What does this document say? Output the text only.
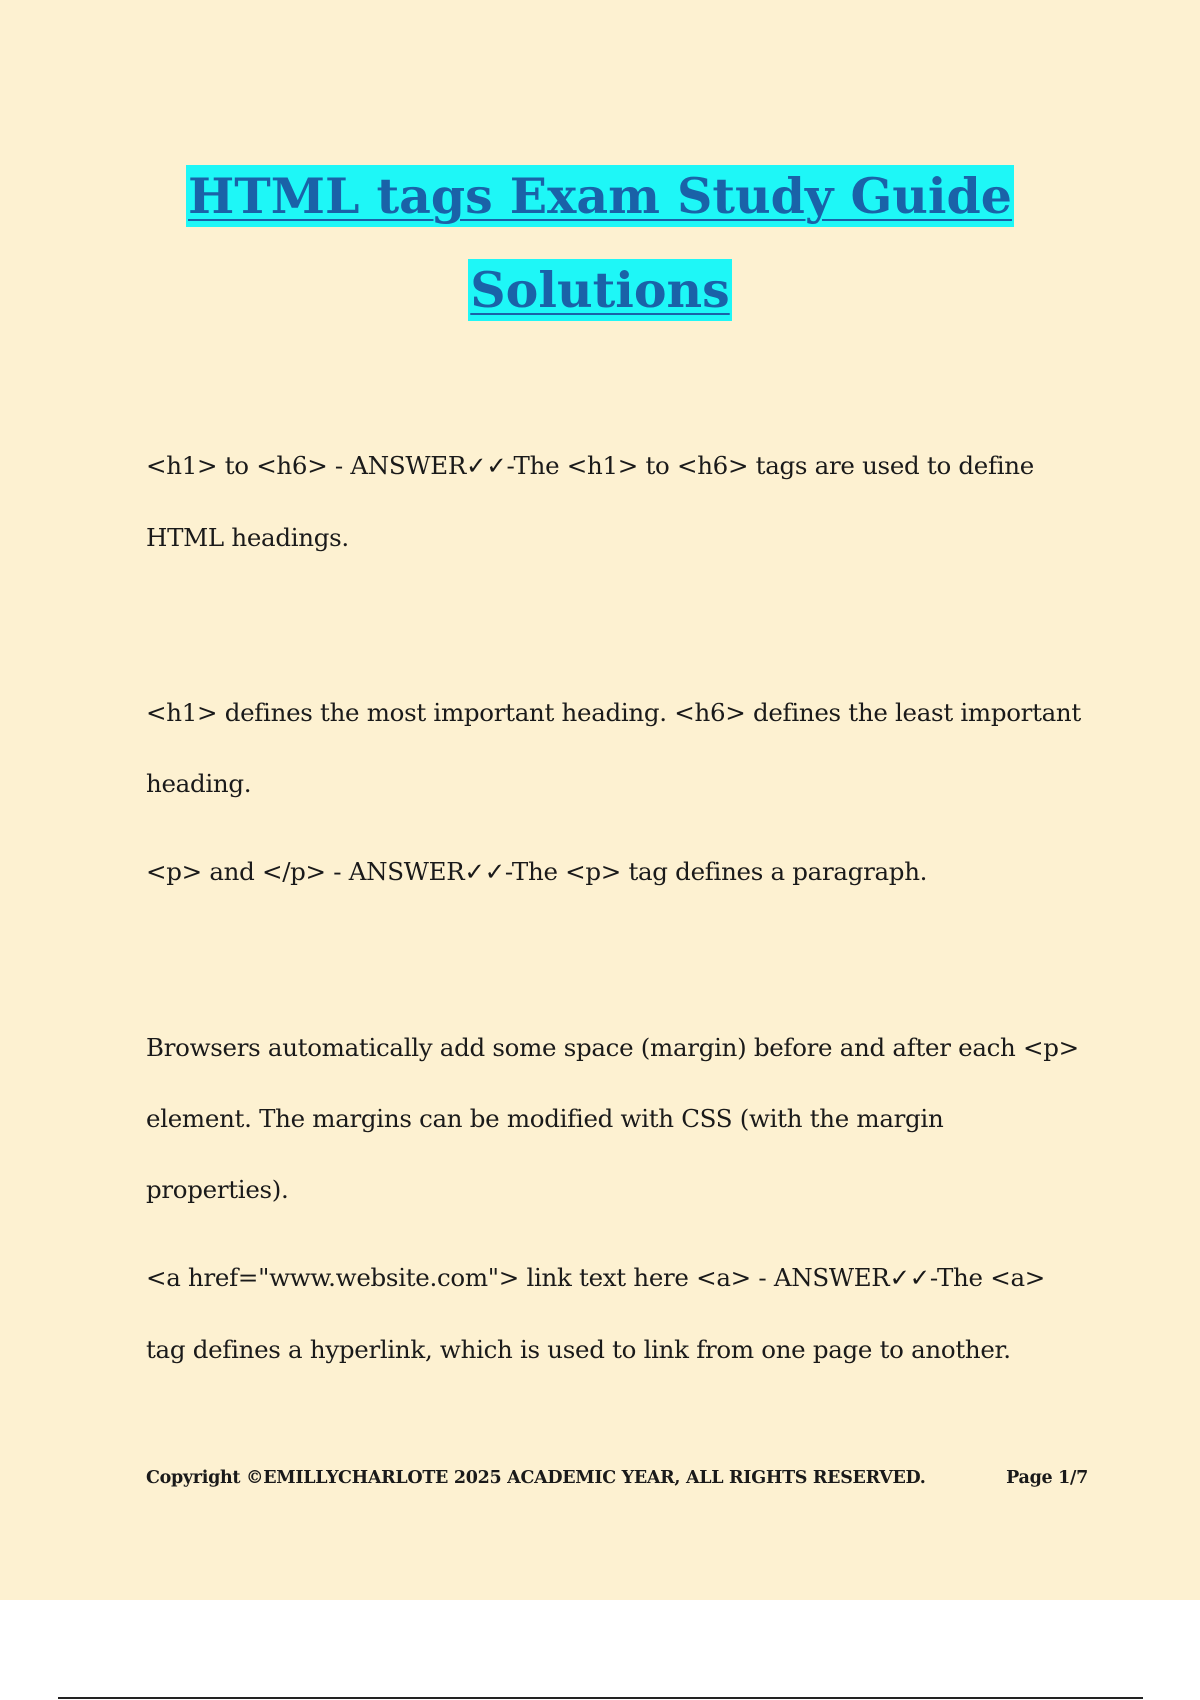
HTML tags Exam Study Guide
Solutions

<h1> to <h6> - ANSWER✓✓-The <h1> to <h6> tags are used to define

HTML headings.

<h1> defines the most important heading. <h6> defines the least important

heading.

<p> and </p> - ANSWER✓✓-The <p> tag defines a paragraph.

Browsers automatically add some space (margin) before and after each <p>

element. The margins can be modified with CSS (with the margin

properties).

<a href="www.website.com"> link text here <a> - ANSWER✓✓-The <a>

tag defines a hyperlink, which is used to link from one page to another.

Copyright ©EMILLYCHARLOTE 2025 ACADEMIC YEAR, ALL RIGHTS RESERVED.	Page 1/7
